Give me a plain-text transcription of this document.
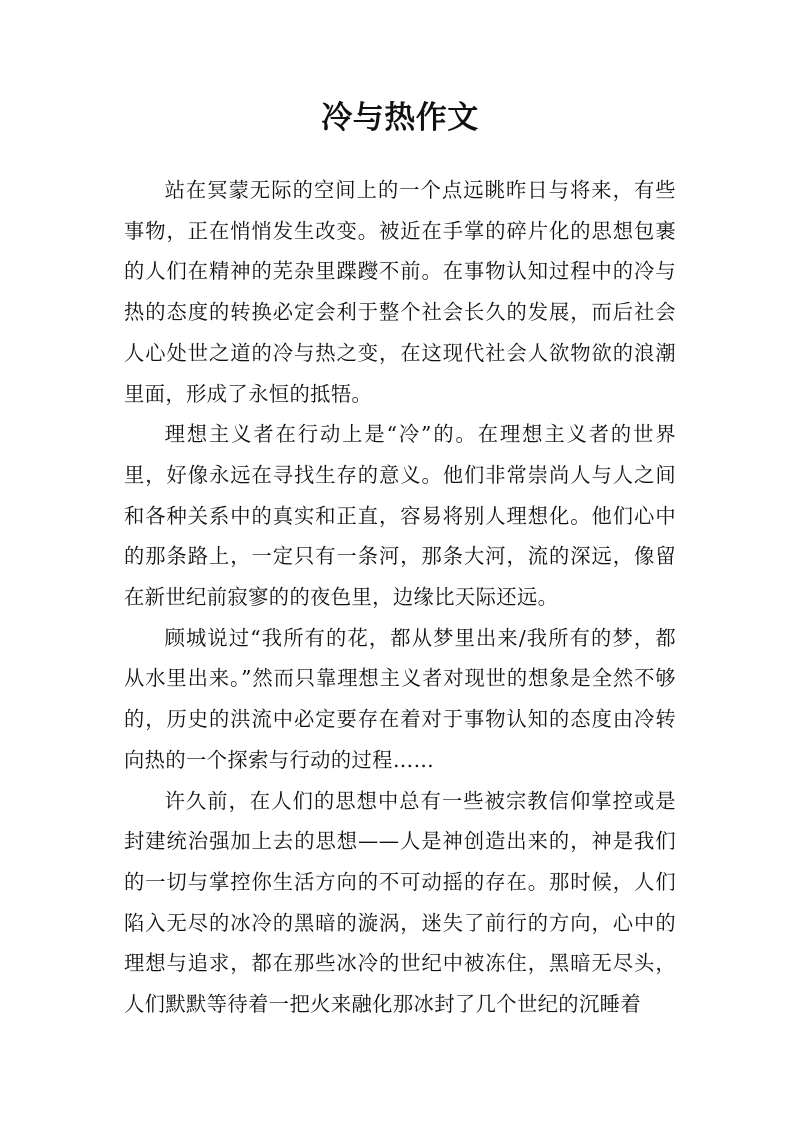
冷与热作文

站在冥蒙无际的空间上的一个点远眺昨日与将来，有些事物，正在悄悄发生改变。被近在手掌的碎片化的思想包裹的人们在精神的芜杂里蹀躞不前。在事物认知过程中的冷与热的态度的转换必定会利于整个社会长久的发展，而后社会人心处世之道的冷与热之变，在这现代社会人欲物欲的浪潮里面，形成了永恒的抵牾。

理想主义者在行动上是“冷”的。在理想主义者的世界里，好像永远在寻找生存的意义。他们非常崇尚人与人之间和各种关系中的真实和正直，容易将别人理想化。他们心中的那条路上，一定只有一条河，那条大河，流的深远，像留在新世纪前寂寥的的夜色里，边缘比天际还远。

顾城说过“我所有的花，都从梦里出来/我所有的梦，都从水里出来。”然而只靠理想主义者对现世的想象是全然不够的，历史的洪流中必定要存在着对于事物认知的态度由冷转向热的一个探索与行动的过程……

许久前，在人们的思想中总有一些被宗教信仰掌控或是封建统治强加上去的思想——人是神创造出来的，神是我们的一切与掌控你生活方向的不可动摇的存在。那时候，人们陷入无尽的冰冷的黑暗的漩涡，迷失了前行的方向，心中的理想与追求，都在那些冰冷的世纪中被冻住，黑暗无尽头，人们默默等待着一把火来融化那冰封了几个世纪的沉睡着
